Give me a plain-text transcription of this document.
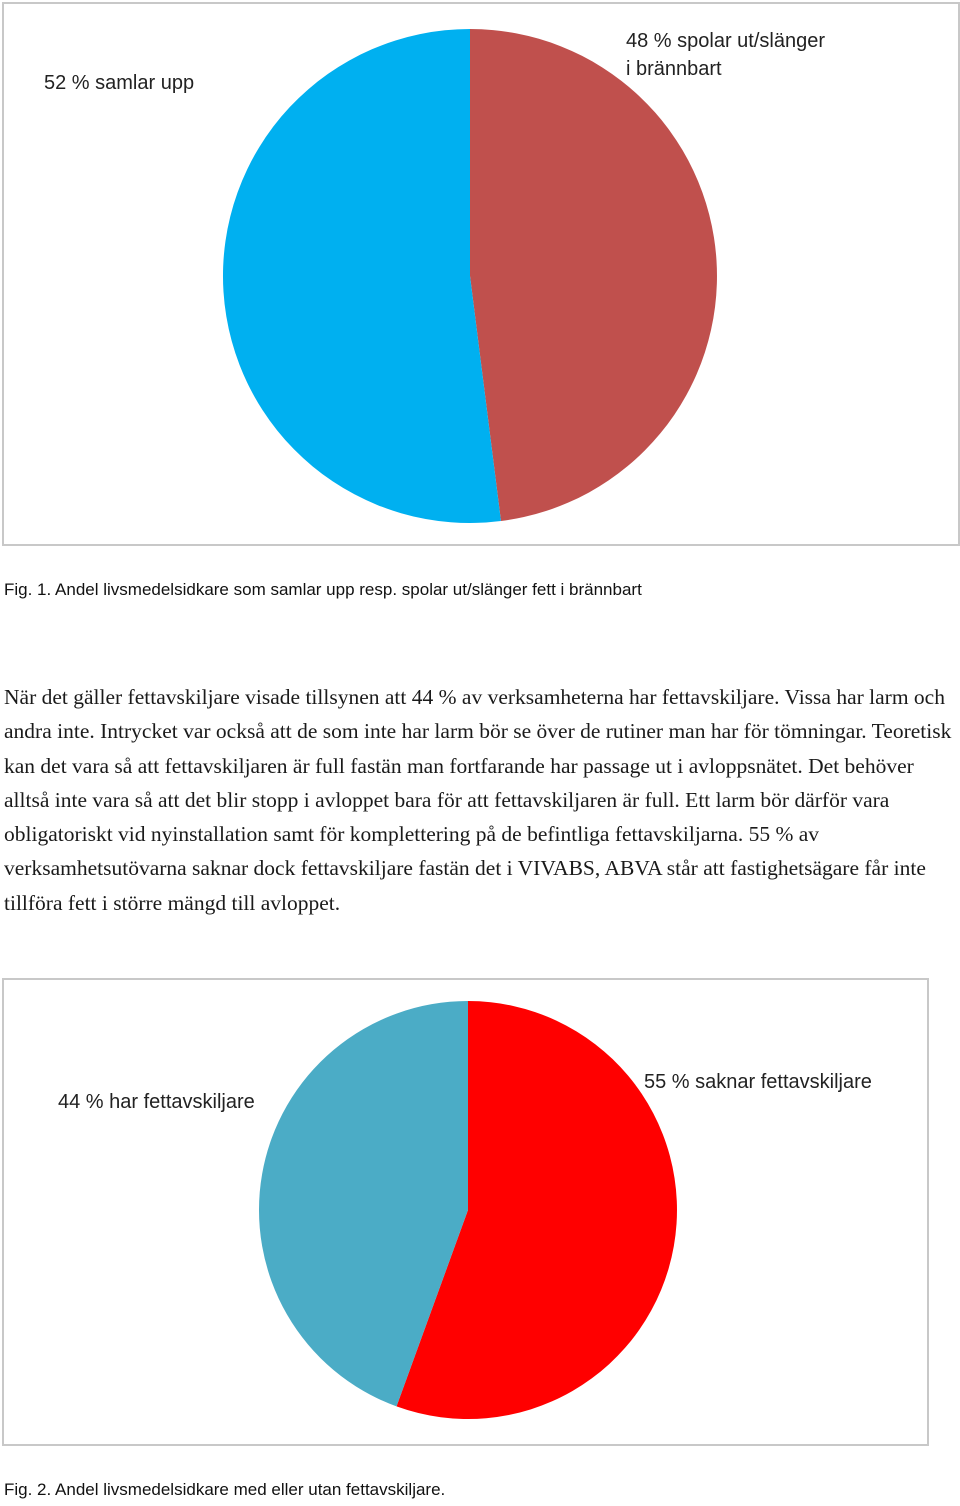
48 % spolar ut/slänger
i brännbart
52 % samlar upp
Fig. 1. Andel livsmedelsidkare som samlar upp resp. spolar ut/slänger fett i brännbart
När det gäller fettavskiljare visade tillsynen att 44 % av verksamheterna har fettavskiljare. Vissa har larm och andra inte. Intrycket var också att de som inte har larm bör se över de rutiner man har för tömningar. Teoretisk kan det vara så att fettavskiljaren är full fastän man fortfarande har passage ut i avloppsnätet. Det behöver alltså inte vara så att det blir stopp i avloppet bara för att fettavskiljaren är full. Ett larm bör därför vara obligatoriskt vid nyinstallation samt för komplettering på de befintliga fettavskiljarna. 55 % av verksamhetsutövarna saknar dock fettavskiljare fastän det i VIVABS, ABVA står att fastighetsägare får inte tillföra fett i större mängd till avloppet.
55 % saknar fettavskiljare
44 % har fettavskiljare
Fig. 2. Andel livsmedelsidkare med eller utan fettavskiljare.
